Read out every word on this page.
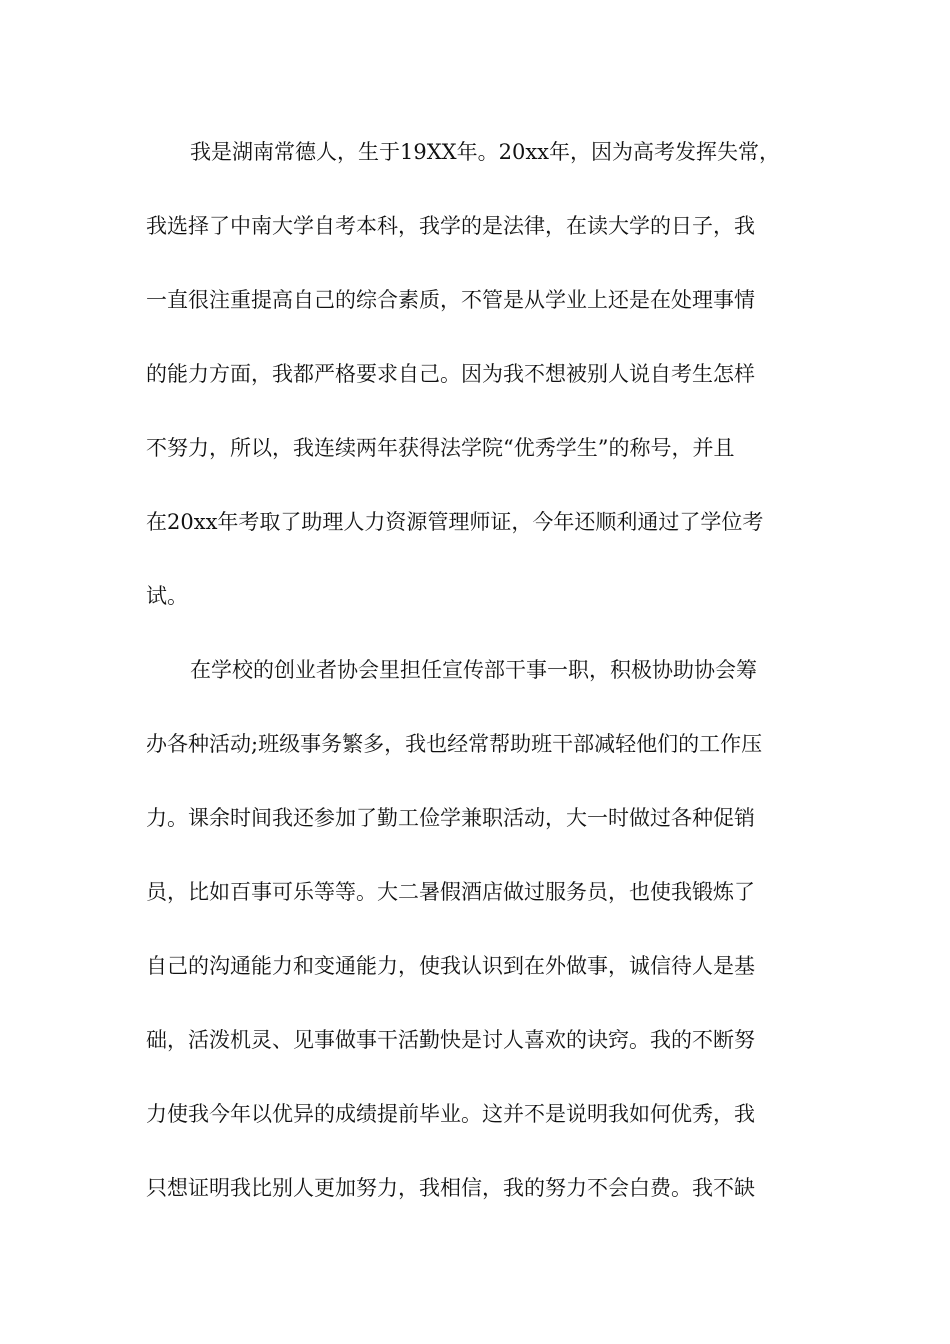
我是湖南常德人，生于19XX年。20xx年，因为高考发挥失常，
我选择了中南大学自考本科，我学的是法律，在读大学的日子，我
一直很注重提高自己的综合素质，不管是从学业上还是在处理事情
的能力方面，我都严格要求自己。因为我不想被别人说自考生怎样
不努力，所以，我连续两年获得法学院“优秀学生”的称号，并且
在20xx年考取了助理人力资源管理师证，今年还顺利通过了学位考
试。
在学校的创业者协会里担任宣传部干事一职，积极协助协会筹
办各种活动;班级事务繁多，我也经常帮助班干部减轻他们的工作压
力。课余时间我还参加了勤工俭学兼职活动，大一时做过各种促销
员，比如百事可乐等等。大二暑假酒店做过服务员，也使我锻炼了
自己的沟通能力和变通能力，使我认识到在外做事，诚信待人是基
础，活泼机灵、见事做事干活勤快是讨人喜欢的诀窍。我的不断努
力使我今年以优异的成绩提前毕业。这并不是说明我如何优秀，我
只想证明我比别人更加努力，我相信，我的努力不会白费。我不缺
